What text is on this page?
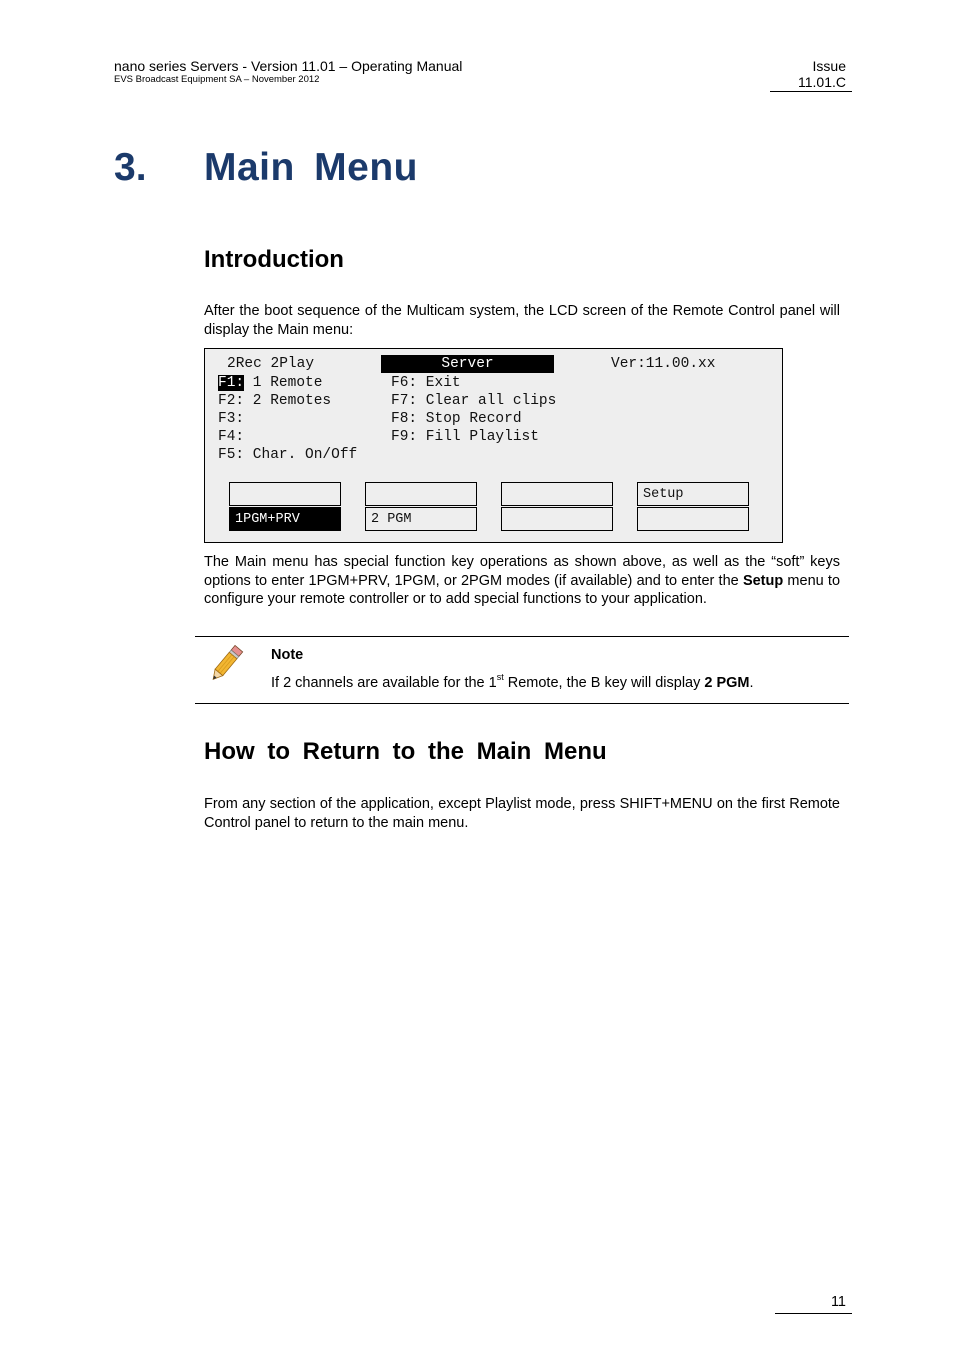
nano series Servers - Version 11.01 – Operating Manual
EVS Broadcast Equipment SA – November 2012
Issue
11.01.C
3. Main Menu
Introduction
After the boot sequence of the Multicam system, the LCD screen of the Remote Control panel will display the Main menu:
2Rec 2Play	Server	Ver:11.00.xx
F1: 1 Remote
F2: 2 Remotes
F3:
F4:
F5: Char. On/Off
F6: Exit
F7: Clear all clips
F8: Stop Record
F9: Fill Playlist
1PGM+PRV	2 PGM
Setup
The Main menu has special function key operations as shown above, as well as the “soft” keys options to enter 1PGM+PRV, 1PGM, or 2PGM modes (if available) and to enter the Setup menu to configure your remote controller or to add special functions to your application.
Note
If 2 channels are available for the 1st Remote, the B key will display 2 PGM.
How to Return to the Main Menu
From any section of the application, except Playlist mode, press SHIFT+MENU on the first Remote Control panel to return to the main menu.
11
